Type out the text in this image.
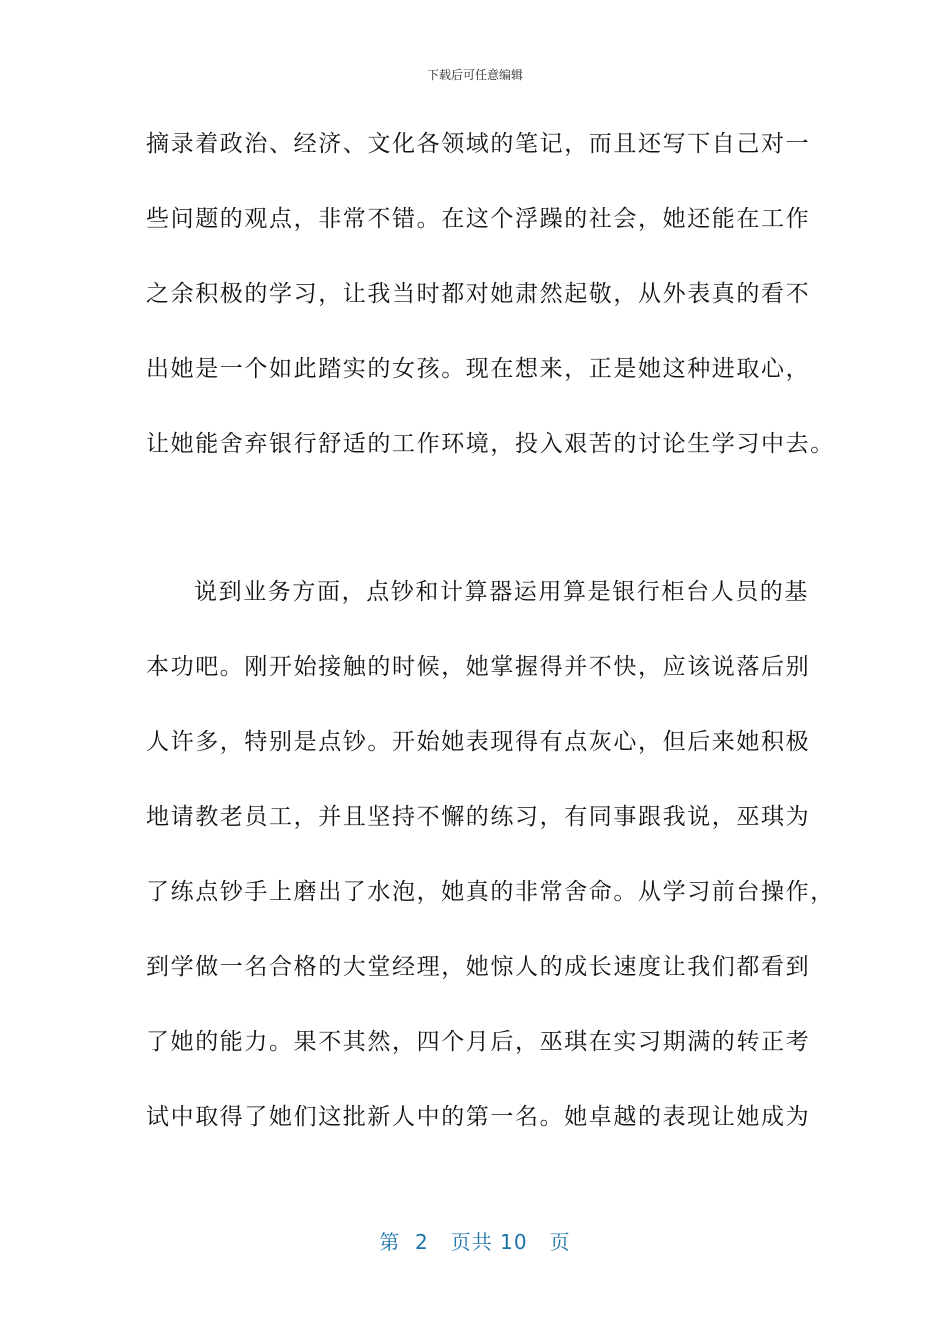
下载后可任意编辑
摘录着政治、经济、文化各领域的笔记，而且还写下自己对一
些问题的观点，非常不错。在这个浮躁的社会，她还能在工作
之余积极的学习，让我当时都对她肃然起敬，从外表真的看不
出她是一个如此踏实的女孩。现在想来，正是她这种进取心，
让她能舍弃银行舒适的工作环境，投入艰苦的讨论生学习中去。
说到业务方面，点钞和计算器运用算是银行柜台人员的基
本功吧。刚开始接触的时候，她掌握得并不快，应该说落后别
人许多，特别是点钞。开始她表现得有点灰心，但后来她积极
地请教老员工，并且坚持不懈的练习，有同事跟我说，巫琪为
了练点钞手上磨出了水泡，她真的非常舍命。从学习前台操作，
到学做一名合格的大堂经理，她惊人的成长速度让我们都看到
了她的能力。果不其然，四个月后，巫琪在实习期满的转正考
试中取得了她们这批新人中的第一名。她卓越的表现让她成为
第  2   页共 10   页
